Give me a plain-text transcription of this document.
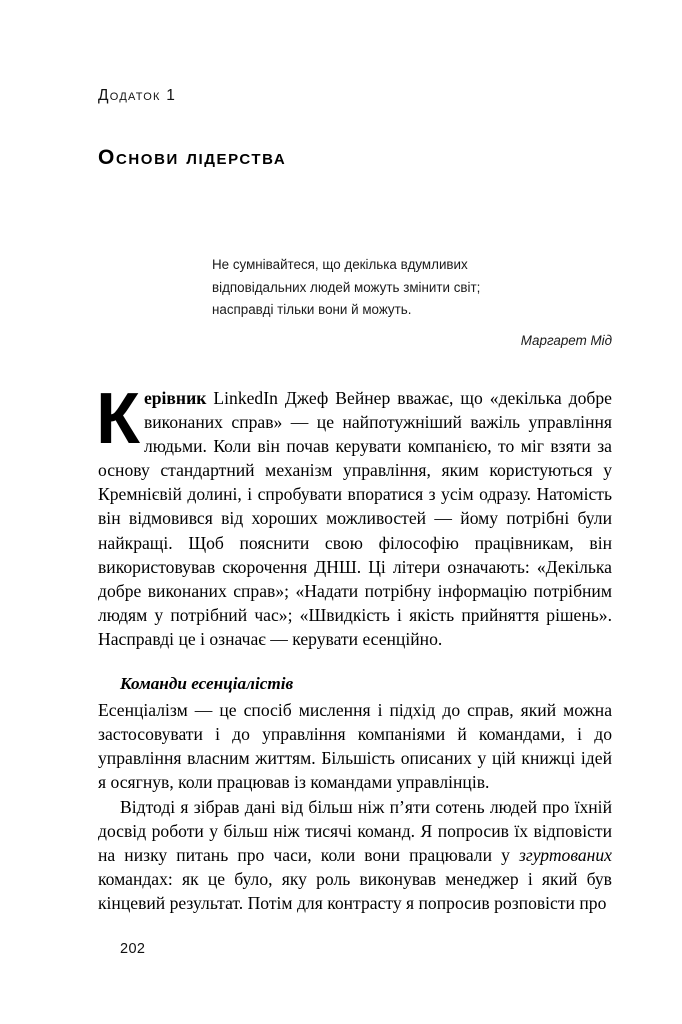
Додаток 1
Основи лідерства
Не сумнівайтеся, що декілька вдумливих
відповідальних людей можуть змінити світ;
насправді тільки вони й можуть.
Маргарет Мід

Керівник LinkedIn Джеф Вейнер вважає, що «декілька добре виконаних справ» — це найпотужніший важіль управління людьми. Коли він почав керувати компанією, то міг взяти за основу стандартний механізм управління, яким користуються у Кремнієвій долині, і спробувати впоратися з усім одразу. Натомість він відмовився від хороших можливостей — йому потрібні були найкращі. Щоб пояснити свою філософію працівникам, він використовував скорочення ДНШ. Ці літери означають: «Декілька добре виконаних справ»; «Надати потрібну інформацію потрібним людям у потрібний час»; «Швидкість і якість прийняття рішень». Насправді це і означає — керувати есенційно.

Команди есенціалістів

Есенціалізм — це спосіб мислення і підхід до справ, який можна застосовувати і до управління компаніями й командами, і до управління власним життям. Більшість описаних у цій книжці ідей я осягнув, коли працював із командами управлінців.

Відтоді я зібрав дані від більш ніж п’яти сотень людей про їхній досвід роботи у більш ніж тисячі команд. Я попросив їх відповісти на низку питань про часи, коли вони працювали у згуртованих командах: як це було, яку роль виконував менеджер і який був кінцевий результат. Потім для контрасту я попросив розповісти про

202
